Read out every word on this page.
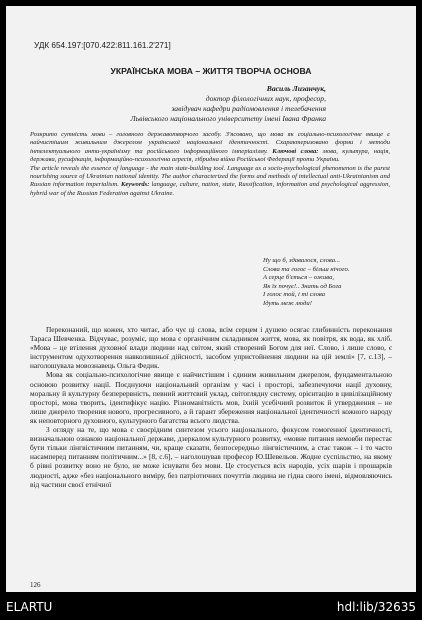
УДК 654.197:[070.422:811.161.2'271]
УКРАЇНСЬКА МОВА – ЖИТТЯ ТВОРЧА ОСНОВА
Василь Лизанчук,
доктор філологічних наук, професор,
завідувач кафедри радіомовлення і телебачення
Львівського національного університету імені Івана Франка

Розкрито сутність мови – головного державотворчого засобу. З'ясовано, що мова як соціально-психологічне явище є найчистішим живильним джерелом української національної ідентичності. Схарактеризовано форми і методи інтелектуального анти-українізму та російського інформаційного імперіалізму. Ключові слова: мова, культура, нація, держава, русифікація, інформаційно-психологічна агресія, гібридна війна Російської Федерації проти України.

The article reveals the essence of language - the main state-building tool. Language as a socio-psychological phenomenon is the purest nourishing source of Ukrainian national identity. The author characterized the forms and methods of intellectual anti-Ukrainianism and Russian information imperialism. Keywords: language, culture, nation, state, Russification, information and psychological aggression, hybrid war of the Russian Federation against Ukraine.

Ну що б, здавалося, слова...
Слова та голос – більш нічого.
А серце б'ється – ожива,
Як їх почує!.. Знать од Бога
І голос той, і ті слова
Ідуть меж люди!

Переконаний, що кожен, хто читає, або чує ці слова, всім серцем і душею осягає глибинність переконання Тараса Шевченка. Відчуває, розуміє, що мова є органічним складником життя, мова, як повітря, як вода, як хліб. «Мова – це втілення духовної влади людини над світом, який створений Богом для неї. Слово, і лише слово, є інструментом одухотворення навколишньої дійсності, засобом упристойнення людини на цій землі» [7, с.13], – наголошувала мовознавець Ольга Федик.

Мова як соціально-психологічне явище є найчистішим і єдиним живильним джерелом, фундаментальною основою розвитку нації. Поєднуючи національний організм у часі і просторі, забезпечуючи нації духовну, моральну й культурну безперервність, певний життєвий уклад, світоглядну систему, орієнтацію в цивілізаційному просторі, мова творить, ідентифікує націю. Різноманітність мов, їхній усебічний розвиток й утвердження – не лише джерело творення нового, прогресивного, а й гарант збереження національної ідентичності кожного народу як неповторного духовного, культурного багатства всього людства.

З огляду на те, що мова є своєрідним синтезом усього національного, фокусом гомогенної ідентичності, визначальною ознакою національної держави, дзеркалом культурного розвитку, «мовне питання немовби перестає бути тільки лінгвістичним питанням, чи, краще сказати, безпосередньо лінгвістичним, а стає також – і то часто насамперед питанням політичним...» [8, с.6], – наголошував професор Ю.Шевельов. Жодне суспільство, на якому б рівні розвитку воно не було, не може існувати без мови. Це стосується всіх народів, усіх шарів і прошарків людності, адже «без національного виміру, без патріотичних почуттів людина не гідна свого імені, відмовляючись від частини своєї етнічної

126
ELARTU	hdl:lib/32635
